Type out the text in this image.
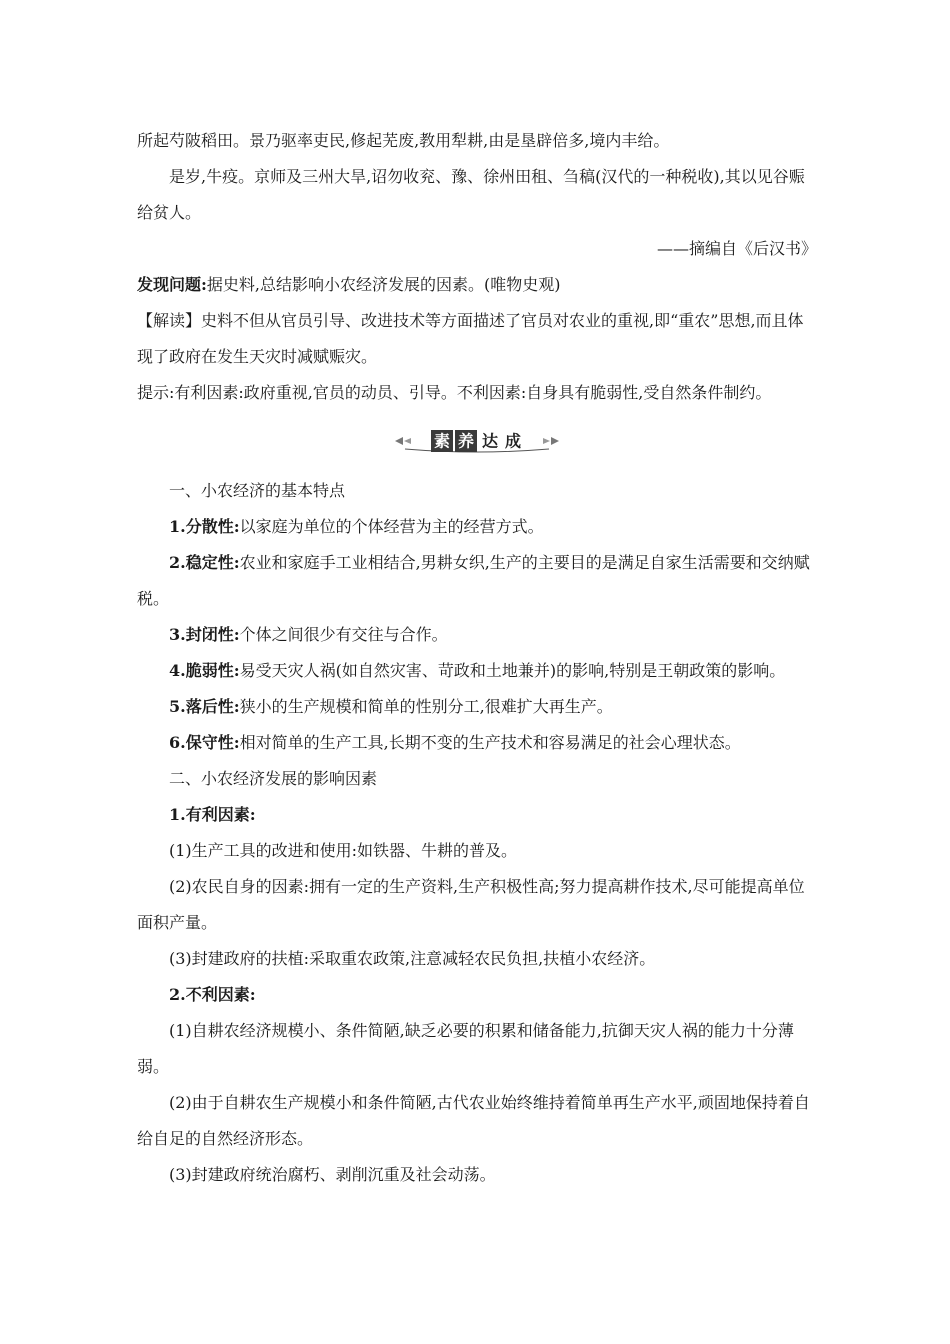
所起芍陂稻田。景乃驱率吏民,修起芜废,教用犁耕,由是垦辟倍多,境内丰给。

是岁,牛疫。京师及三州大旱,诏勿收兖、豫、徐州田租、刍稿(汉代的一种税收),其以见谷赈给贫人。

——摘编自《后汉书》

发现问题:据史料,总结影响小农经济发展的因素。(唯物史观)

【解读】史料不但从官员引导、改进技术等方面描述了官员对农业的重视,即“重农”思想,而且体现了政府在发生天灾时减赋赈灾。

提示:有利因素:政府重视,官员的动员、引导。不利因素:自身具有脆弱性,受自然条件制约。

素 养 达 成

一、小农经济的基本特点

1.分散性:以家庭为单位的个体经营为主的经营方式。

2.稳定性:农业和家庭手工业相结合,男耕女织,生产的主要目的是满足自家生活需要和交纳赋税。

3.封闭性:个体之间很少有交往与合作。

4.脆弱性:易受天灾人祸(如自然灾害、苛政和土地兼并)的影响,特别是王朝政策的影响。

5.落后性:狭小的生产规模和简单的性别分工,很难扩大再生产。

6.保守性:相对简单的生产工具,长期不变的生产技术和容易满足的社会心理状态。

二、小农经济发展的影响因素

1.有利因素:

(1)生产工具的改进和使用:如铁器、牛耕的普及。

(2)农民自身的因素:拥有一定的生产资料,生产积极性高;努力提高耕作技术,尽可能提高单位面积产量。

(3)封建政府的扶植:采取重农政策,注意减轻农民负担,扶植小农经济。

2.不利因素:

(1)自耕农经济规模小、条件简陋,缺乏必要的积累和储备能力,抗御天灾人祸的能力十分薄弱。

(2)由于自耕农生产规模小和条件简陋,古代农业始终维持着简单再生产水平,顽固地保持着自给自足的自然经济形态。

(3)封建政府统治腐朽、剥削沉重及社会动荡。
